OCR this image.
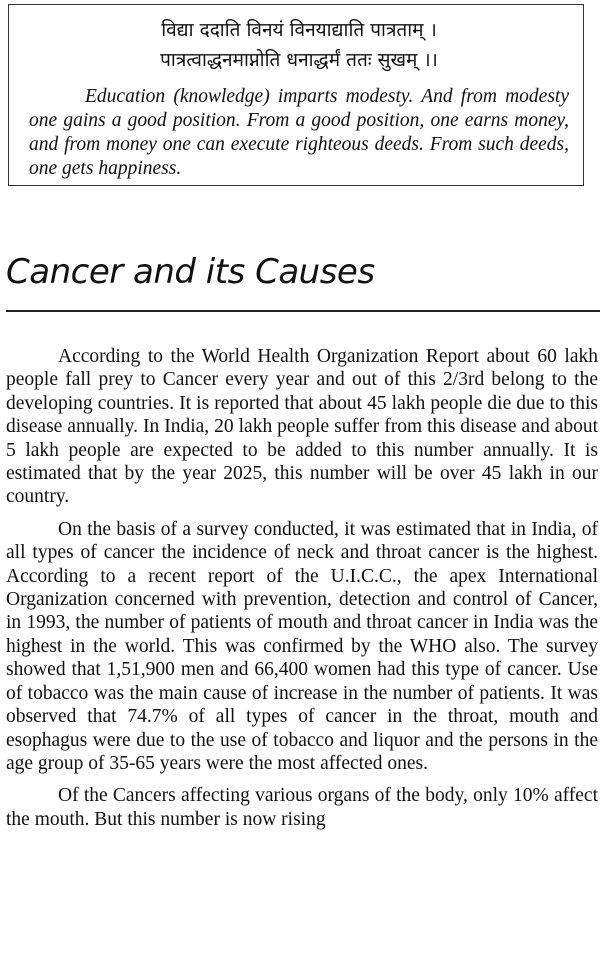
विद्या ददाति विनयं विनयाद्याति पात्रताम् ।

पात्रत्वाद्धनमाप्नोति धनाद्धर्मं ततः सुखम् ।।

Education (knowledge) imparts modesty. And from modesty one gains a good position. From a good position, one earns money, and from money one can execute righteous deeds. From such deeds, one gets happiness.

Cancer and its Causes

According to the World Health Organization Report about 60 lakh people fall prey to Cancer every year and out of this 2/3rd belong to the developing countries. It is reported that about 45 lakh people die due to this disease annually. In India, 20 lakh people suffer from this disease and about 5 lakh people are expected to be added to this number annually. It is estimated that by the year 2025, this number will be over 45 lakh in our country.

On the basis of a survey conducted, it was estimated that in India, of all types of cancer the incidence of neck and throat cancer is the highest. According to a recent report of the U.I.C.C., the apex International Organization concerned with prevention, detection and control of Cancer, in 1993, the number of patients of mouth and throat cancer in India was the highest in the world. This was confirmed by the WHO also. The survey showed that 1,51,900 men and 66,400 women had this type of cancer. Use of tobacco was the main cause of increase in the number of patients. It was observed that 74.7% of all types of cancer in the throat, mouth and esophagus were due to the use of tobacco and liquor and the persons in the age group of 35-65 years were the most affected ones.

Of the Cancers affecting various organs of the body, only 10% affect the mouth. But this number is now rising
